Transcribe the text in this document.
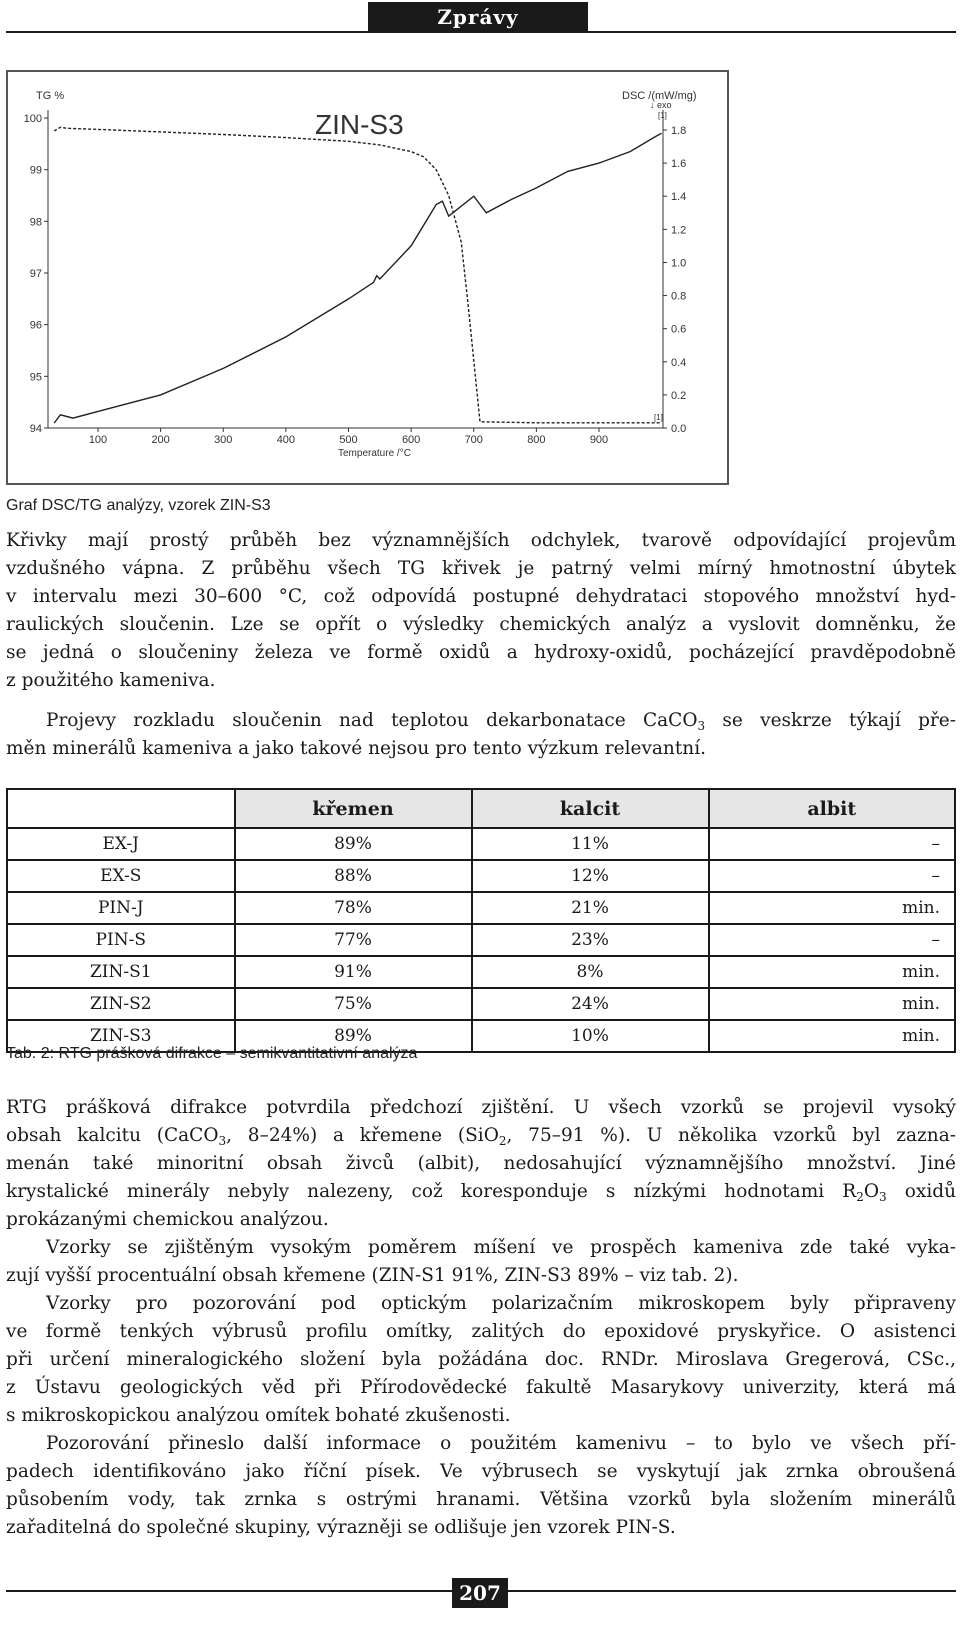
Zprávy
TG %	DSC /(mW/mg)
↓ exo
[1]
[1]
Temperature /°C
ZIN-S3
100	200	300	400	500	600	700	800	900
94
95
96
97
98
99
100
0.0
0.2
0.4
0.6
0.8
1.0
1.2
1.4
1.6
1.8
Graf DSC/TG analýzy, vzorek ZIN-S3
Křivky mají prostý průběh bez významnějších odchylek, tvarově odpovídající projevům
vzdušného vápna. Z průběhu všech TG křivek je patrný velmi mírný hmotnostní úbytek
v intervalu mezi 30–600 °C, což odpovídá postupné dehydrataci stopového množství hyd-
raulických sloučenin. Lze se opřít o výsledky chemických analýz a vyslovit domněnku, že
se jedná o sloučeniny železa ve formě oxidů a hydroxy-oxidů, pocházející pravděpodobně
z použitého kameniva.
Projevy rozkladu sloučenin nad teplotou dekarbonatace CaCO$_3$ se veskrze týkají pře-
měn minerálů kameniva a jako takové nejsou pro tento výzkum relevantní.
	křemen	kalcit	albit
EX-J	89%	11%	–
EX-S	88%	12%	–
PIN-J	78%	21%	min.
PIN-S	77%	23%	–
ZIN-S1	91%	8%	min.
ZIN-S2	75%	24%	min.
ZIN-S3	89%	10%	min.
Tab. 2: RTG prášková difrakce – semikvantitativní analýza
RTG prášková difrakce potvrdila předchozí zjištění. U všech vzorků se projevil vysoký
obsah kalcitu (CaCO$_3$, 8–24%) a křemene (SiO$_2$, 75–91 %). U několika vzorků byl zazna-
menán také minoritní obsah živců (albit), nedosahující významnějšího množství. Jiné
krystalické minerály nebyly nalezeny, což koresponduje s nízkými hodnotami $R_2O_3$ oxidů
prokázanými chemickou analýzou.
Vzorky se zjištěným vysokým poměrem míšení ve prospěch kameniva zde také vyka-
zují vyšší procentuální obsah křemene (ZIN-S1 91%, ZIN-S3 89% – viz tab. 2).
Vzorky pro pozorování pod optickým polarizačním mikroskopem byly připraveny
ve formě tenkých výbrusů profilu omítky, zalitých do epoxidové pryskyřice. O asistenci
při určení mineralogického složení byla požádána doc. RNDr. Miroslava Gregerová, CSc.,
z Ústavu geologických věd při Přírodovědecké fakultě Masarykovy univerzity, která má
s mikroskopickou analýzou omítek bohaté zkušenosti.
Pozorování přineslo další informace o použitém kamenivu – to bylo ve všech pří-
padech identifikováno jako říční písek. Ve výbrusech se vyskytují jak zrnka obroušená
působením vody, tak zrnka s ostrými hranami. Většina vzorků byla složením minerálů
zařaditelná do společné skupiny, výrazněji se odlišuje jen vzorek PIN-S.
207
